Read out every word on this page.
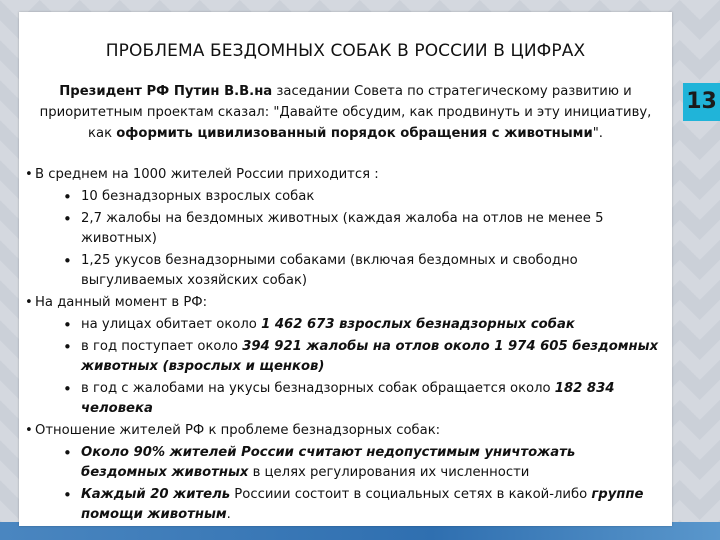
13
ПРОБЛЕМА БЕЗДОМНЫХ СОБАК В РОССИИ В ЦИФРАХ
Президент РФ Путин В.В.на заседании Совета по стратегическому развитию и приоритетным проектам сказал: "Давайте обсудим, как продвинуть и эту инициативу, как оформить цивилизованный порядок обращения с животными".
• В среднем на 1000 жителей России приходится :
• 10 безнадзорных взрослых собак
• 2,7 жалобы на бездомных животных (каждая жалоба на отлов не менее 5 животных)
• 1,25 укусов безнадзорными собаками (включая бездомных и свободно выгуливаемых хозяйских собак)
• На данный момент в РФ:
• на улицах обитает около 1 462 673 взрослых безнадзорных собак
• в год поступает около 394 921 жалобы на отлов около 1 974 605 бездомных животных (взрослых и щенков)
• в год с жалобами на укусы безнадзорных собак обращается около 182 834 человека
• Отношение жителей РФ к проблеме безнадзорных собак:
• Около 90% жителей России считают недопустимым уничтожать бездомных животных в целях регулирования их численности
• Каждый 20 житель Россиии состоит в социальных сетях в какой-либо группе помощи животным.
